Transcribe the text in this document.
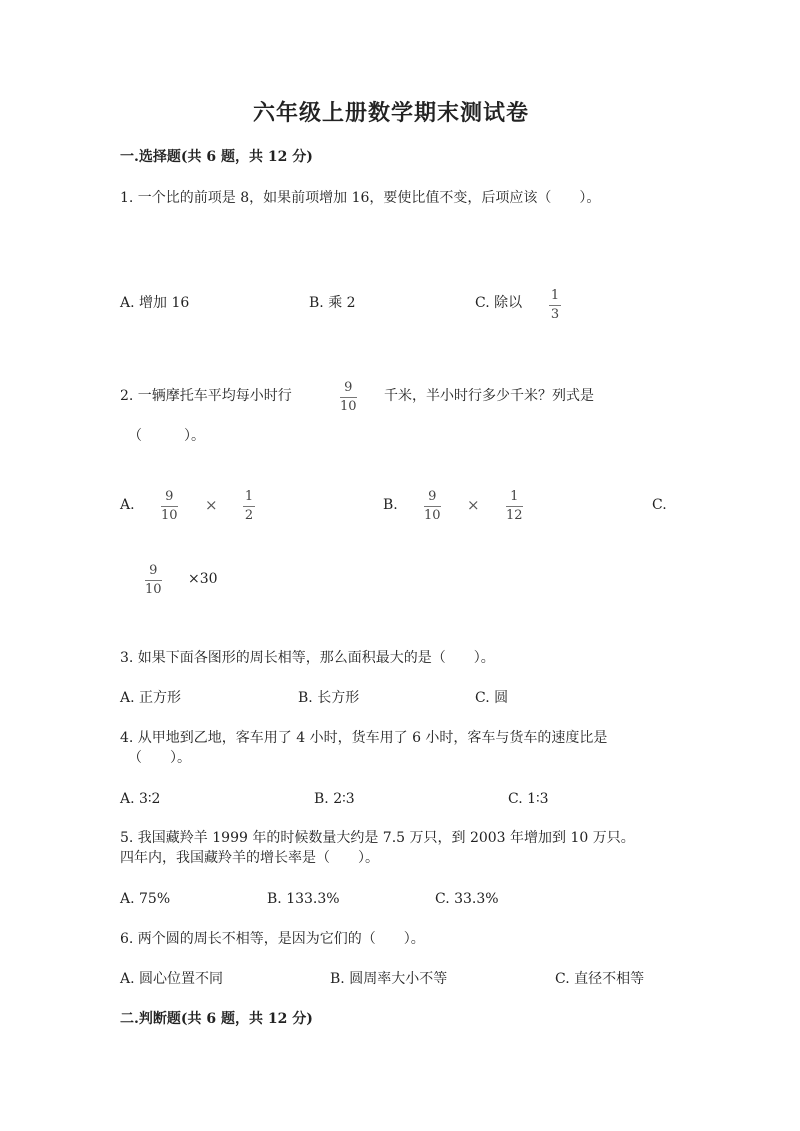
六年级上册数学期末测试卷
一.选择题(共 6 题，共 12 分)
1. 一个比的前项是 8，如果前项增加 16，要使比值不变，后项应该（　　）。
A. 增加 16	B. 乘 2	C. 除以 1
3
2. 一辆摩托车平均每小时行
9
10
千米，半小时行多少千米？列式是
（　　　）。
A.
9
10
× 1
2
B.
9
10
× 1
12
C.
9
10
×30
3. 如果下面各图形的周长相等，那么面积最大的是（　　）。
A. 正方形	B. 长方形	C. 圆
4. 从甲地到乙地，客车用了 4 小时，货车用了 6 小时，客车与货车的速度比是
（　　）。
A. 3∶2	B. 2∶3	C. 1∶3
5. 我国藏羚羊 1999 年的时候数量大约是 7.5 万只，到 2003 年增加到 10 万只。
四年内，我国藏羚羊的增长率是（　　）。
A. 75%	B. 133.3%	C. 33.3%
6. 两个圆的周长不相等，是因为它们的（　　）。
A. 圆心位置不同	B. 圆周率大小不等	C. 直径不相等
二.判断题(共 6 题，共 12 分)
